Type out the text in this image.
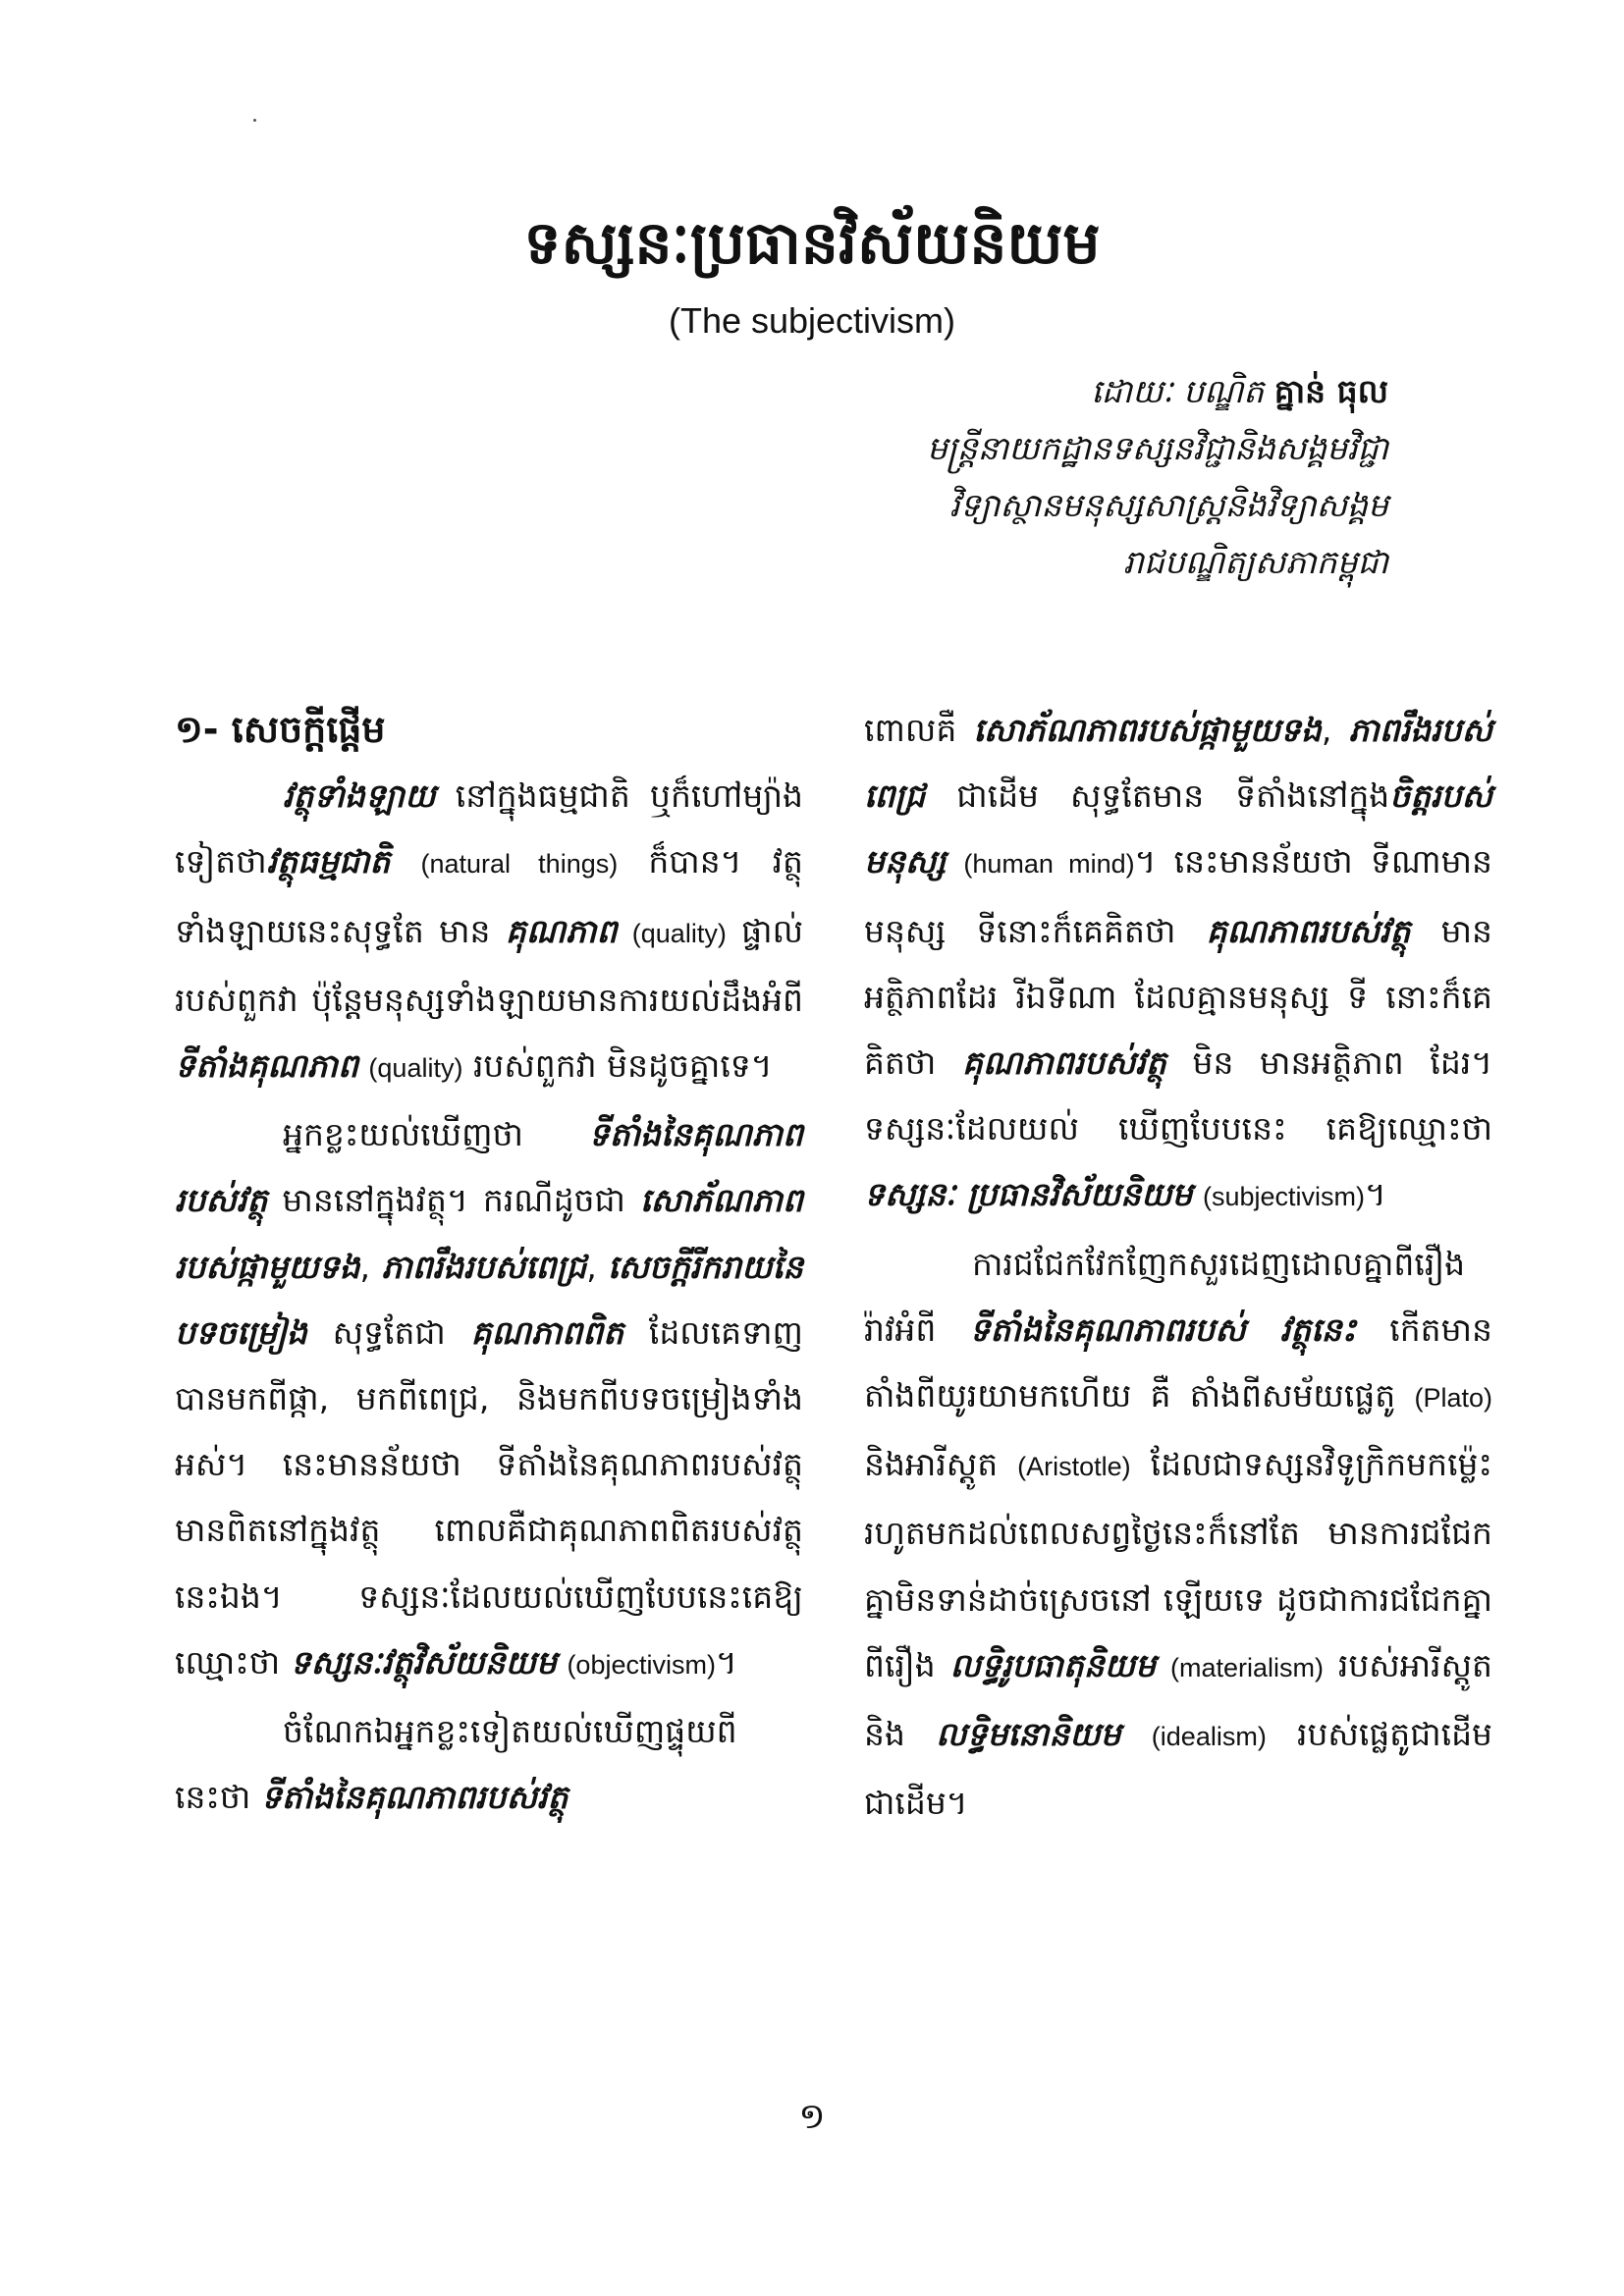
ទស្សនៈប្រធានវិស័យនិយម
(The subjectivism)
ដោយៈ បណ្ឌិត គ្នាន់ ធុល
មន្ត្រីនាយកដ្ឋានទស្សនវិជ្ជានិងសង្គមវិជ្ជា
វិទ្យាស្ថានមនុស្សសាស្ត្រនិងវិទ្យាសង្គម
រាជបណ្ឌិត្យសភាកម្ពុជា

១- សេចក្តីផ្តើម

វត្ថុទាំងឡាយ នៅក្នុងធម្មជាតិ ឬក៏ហៅម្យ៉ាងទៀតថាវត្ថុធម្មជាតិ (natural things) ក៏បាន។ វត្ថុទាំងឡាយនេះសុទ្ធតែ មាន គុណភាព (quality) ផ្ទាល់របស់ពួកវា ប៉ុន្តែមនុស្សទាំងឡាយមានការយល់ដឹងអំពី ទីតាំងគុណភាព (quality) របស់ពួកវា មិនដូចគ្នាទេ។

អ្នកខ្លះយល់ឃើញថា ទីតាំងនៃគុណភាពរបស់វត្ថុ មាននៅក្នុងវត្ថុ។ ករណីដូចជា សោភ័ណភាពរបស់ផ្កាមួយទង, ភាពរឹងរបស់ពេជ្រ, សេចក្តីរីករាយនៃ បទចម្រៀង សុទ្ធតែជា គុណភាពពិត ដែលគេទាញបានមកពីផ្កា, មកពីពេជ្រ, និងមកពីបទចម្រៀងទាំងអស់។ នេះមានន័យថា ទីតាំងនៃគុណភាពរបស់វត្ថុមានពិតនៅក្នុងវត្ថុ ពោលគឺជាគុណភាពពិតរបស់វត្ថុនេះឯង។ ទស្សនៈដែលយល់ឃើញបែបនេះគេឱ្យឈ្មោះថា ទស្សនៈវត្ថុវិស័យនិយម (objectivism)។

ចំណែកឯអ្នកខ្លះទៀតយល់ឃើញផ្ទុយពីនេះថា ទីតាំងនៃគុណភាពរបស់វត្ថុ

ពោលគឺ សោភ័ណភាពរបស់ផ្កាមួយទង, ភាពរឹងរបស់ពេជ្រ ជាដើម សុទ្ធតែមាន ទីតាំងនៅក្នុងចិត្តរបស់មនុស្ស (human mind)។ នេះមានន័យថា ទីណាមានមនុស្ស ទីនោះក៏គេគិតថា គុណភាពរបស់វត្ថុ មាន អត្ថិភាពដែរ រីឯទីណា ដែលគ្មានមនុស្ស ទី នោះក៏គេគិតថា គុណភាពរបស់វត្ថុ មិន មានអត្ថិភាព ដែរ។ ទស្សនៈដែលយល់ ឃើញបែបនេះ គេឱ្យឈ្មោះថា ទស្សនៈ ប្រធានវិស័យនិយម (subjectivism)។

ការជជែកវែកញែកសួរដេញដោលគ្នាពីរឿងរ៉ាវអំពី ទីតាំងនៃគុណភាពរបស់ វត្ថុនេះ កើតមានតាំងពីយូរយាមកហើយ គឺ តាំងពីសម័យផ្លេតូ (Plato) និងអារីស្តូត (Aristotle) ដែលជាទស្សនវិទូក្រិកមកម្ល៉េះ រហូតមកដល់ពេលសព្វថ្ងៃនេះក៏នៅតែ មានការជជែកគ្នាមិនទាន់ដាច់ស្រេចនៅ ឡើយទេ ដូចជាការជជែកគ្នាពីរឿង លទ្ធិរូបធាតុនិយម (materialism) របស់អារីស្តូត និង លទ្ធិមនោនិយម (idealism) របស់ផ្លេតូជាដើមជាដើម។

១
